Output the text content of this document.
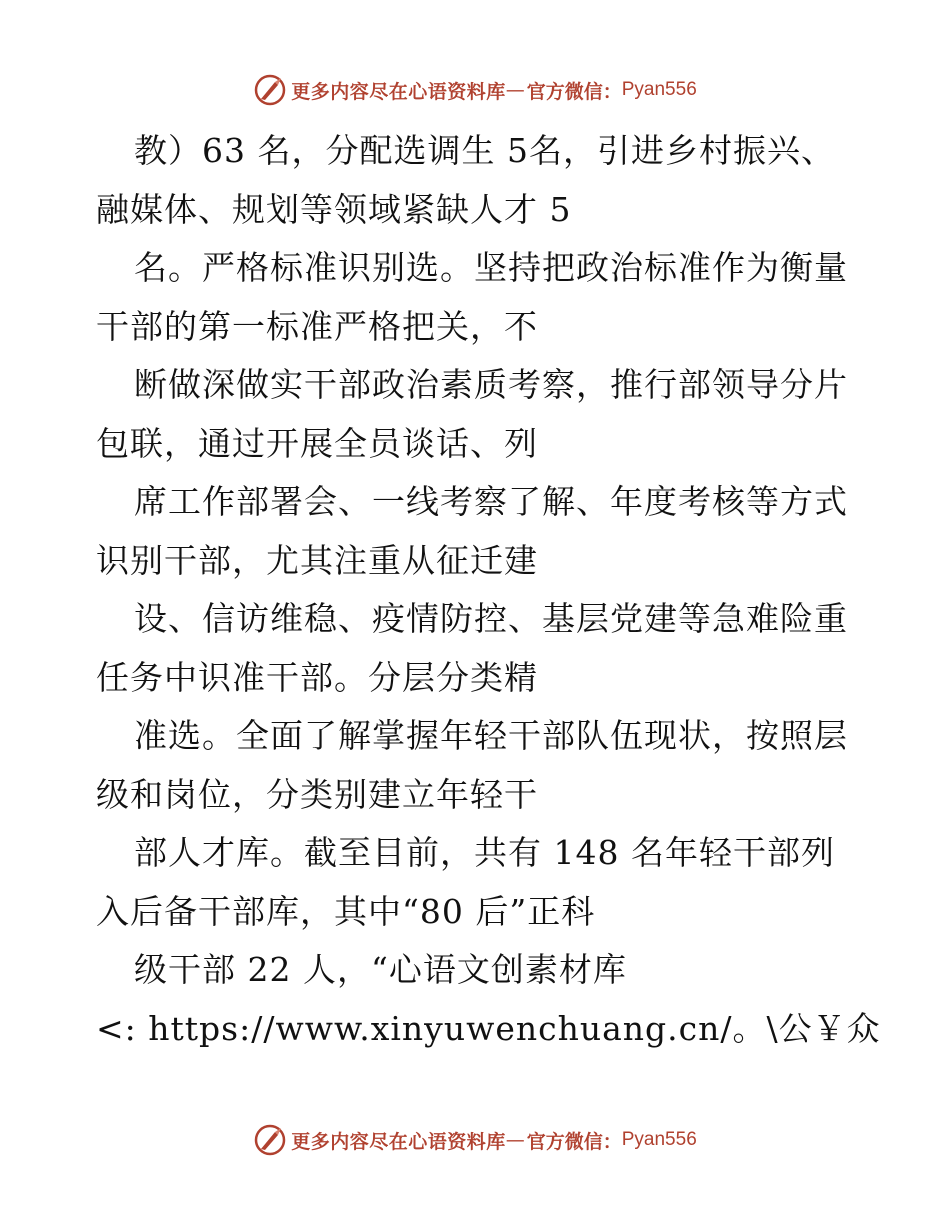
更多内容尽在心语资料库 — 官方微信： Pyan556
教）63 名，分配选调生 5名，引进乡村振兴、
融媒体、规划等领域紧缺人才 5
名。严格标准识别选。坚持把政治标准作为衡量
干部的第一标准严格把关，不
断做深做实干部政治素质考察，推行部领导分片
包联，通过开展全员谈话、列
席工作部署会、一线考察了解、年度考核等方式
识别干部，尤其注重从征迁建
设、信访维稳、疫情防控、基层党建等急难险重
任务中识准干部。分层分类精
准选。全面了解掌握年轻干部队伍现状，按照层
级和岗位，分类别建立年轻干
部人才库。截至目前，共有 148 名年轻干部列
入后备干部库，其中“80 后”正科
级干部 22 人，“心语文创素材库
<: https://www.xinyuwenchuang.cn/。\公￥众
更多内容尽在心语资料库 — 官方微信： Pyan556
